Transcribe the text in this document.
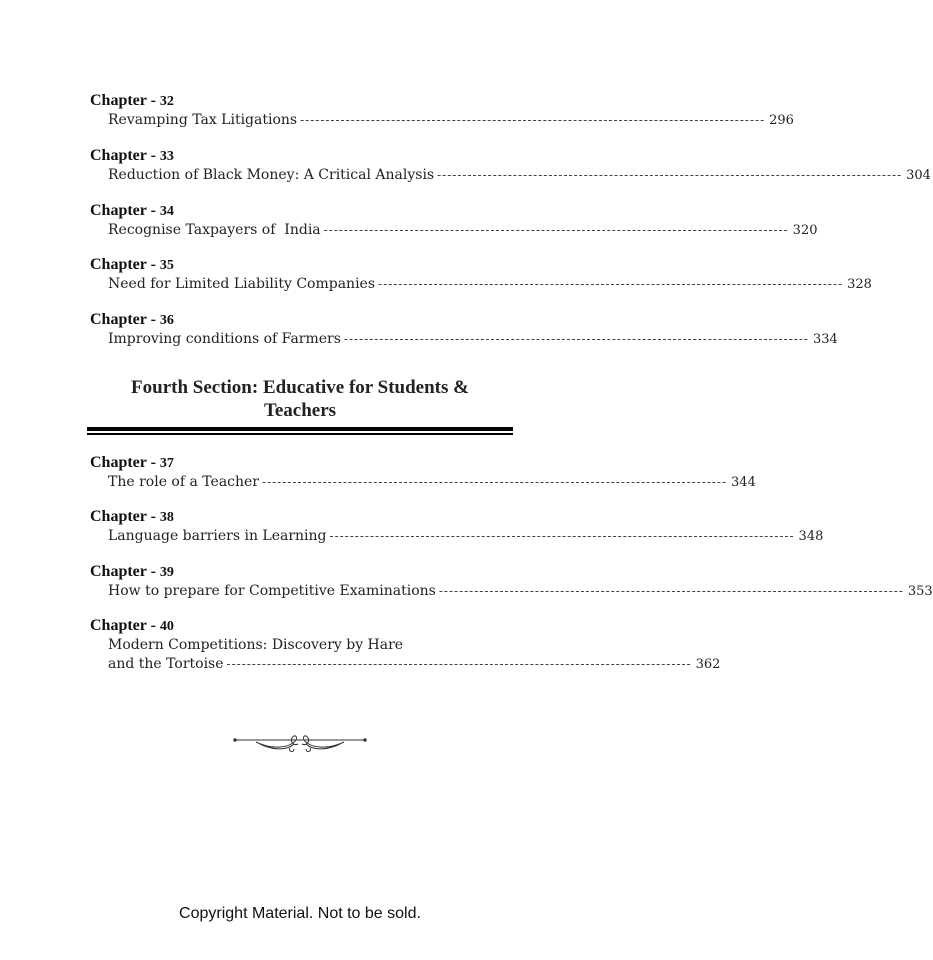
Chapter - 32
Revamping Tax Litigations -------------------------------------------------------------------------------------------- 296
Chapter - 33
Reduction of Black Money: A Critical Analysis -------------------------------------------------------------------------------------------- 304
Chapter - 34
Recognise Taxpayers of  India -------------------------------------------------------------------------------------------- 320
Chapter - 35
Need for Limited Liability Companies -------------------------------------------------------------------------------------------- 328
Chapter - 36
Improving conditions of Farmers -------------------------------------------------------------------------------------------- 334
Fourth Section: Educative for Students &
Teachers
Chapter - 37
The role of a Teacher -------------------------------------------------------------------------------------------- 344
Chapter - 38
Language barriers in Learning -------------------------------------------------------------------------------------------- 348
Chapter - 39
How to prepare for Competitive Examinations -------------------------------------------------------------------------------------------- 353
Chapter - 40
Modern Competitions: Discovery by Hare
and the Tortoise -------------------------------------------------------------------------------------------- 362
Copyright Material. Not to be sold.
